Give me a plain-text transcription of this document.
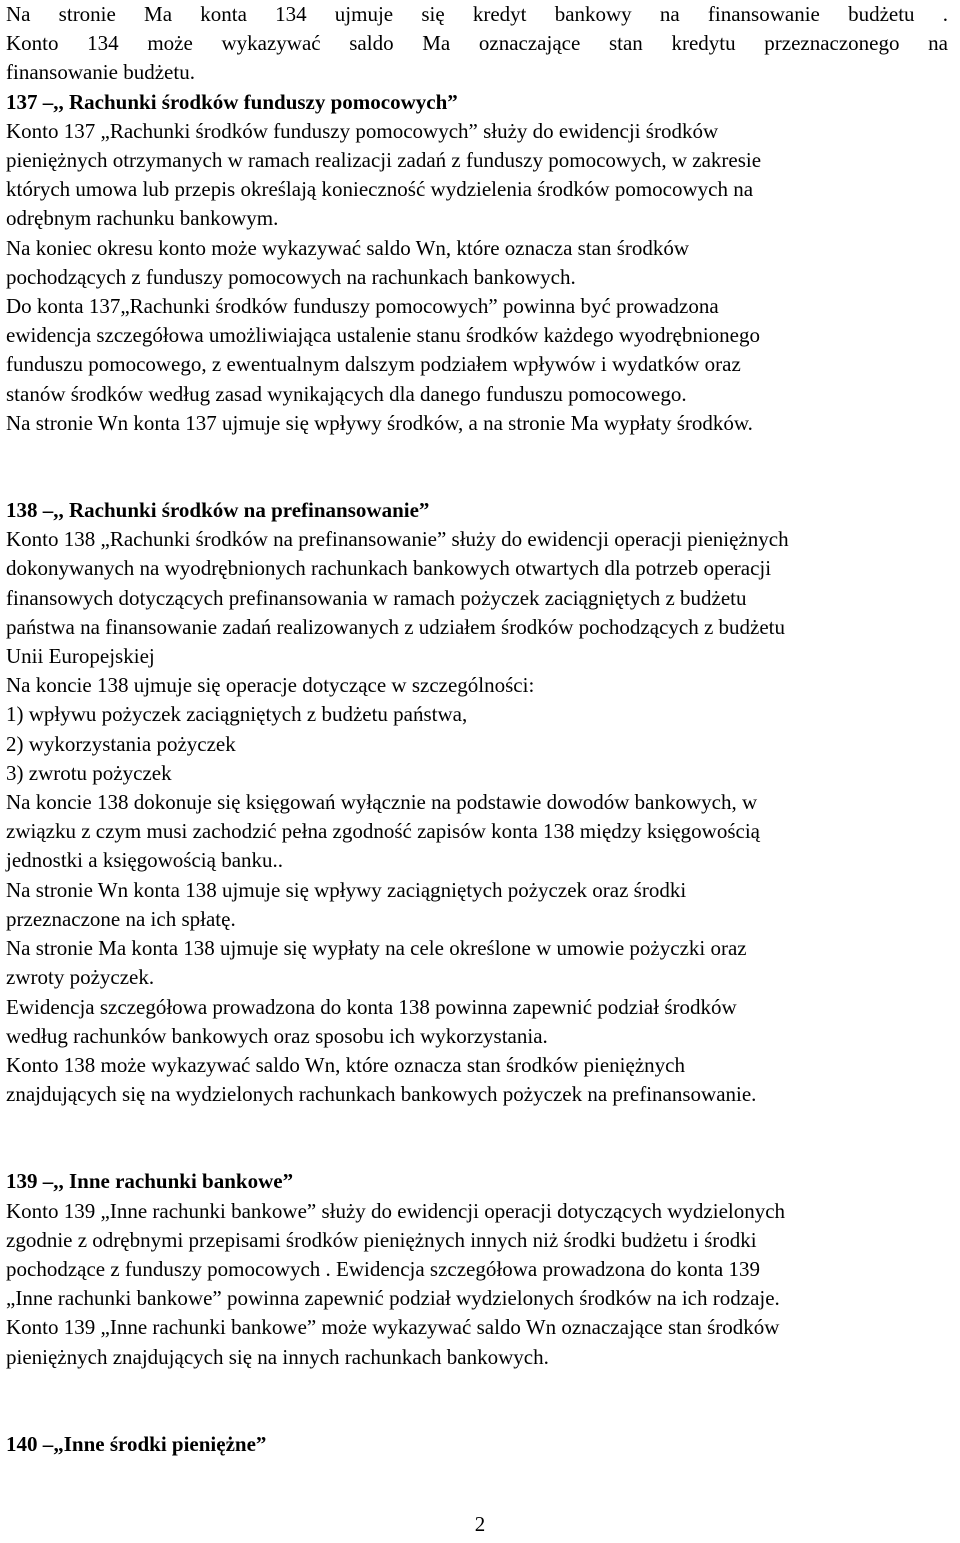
Na stronie Ma konta 134 ujmuje się kredyt bankowy na finansowanie budżetu .
Konto 134 może wykazywać saldo Ma oznaczające stan kredytu przeznaczonego na
finansowanie budżetu.
137 –,, Rachunki środków funduszy pomocowych”
Konto 137 „Rachunki środków funduszy pomocowych” służy do ewidencji środków
pieniężnych otrzymanych w ramach realizacji zadań z funduszy pomocowych, w zakresie
których umowa lub przepis określają konieczność wydzielenia środków pomocowych na
odrębnym rachunku bankowym.
Na koniec okresu konto może wykazywać saldo Wn, które oznacza stan środków
pochodzących z funduszy pomocowych na rachunkach bankowych.
Do konta 137„Rachunki środków funduszy pomocowych” powinna być prowadzona
ewidencja szczegółowa umożliwiająca ustalenie stanu środków każdego wyodrębnionego
funduszu pomocowego, z ewentualnym dalszym podziałem wpływów i wydatków oraz
stanów środków według zasad wynikających dla danego funduszu pomocowego.
Na stronie Wn konta 137 ujmuje się wpływy środków, a na stronie Ma wypłaty środków.
138 –,, Rachunki środków na prefinansowanie”
Konto 138 „Rachunki środków na prefinansowanie” służy do ewidencji operacji pieniężnych
dokonywanych na wyodrębnionych rachunkach bankowych otwartych dla potrzeb operacji
finansowych dotyczących prefinansowania w ramach pożyczek zaciągniętych z budżetu
państwa na finansowanie zadań realizowanych z udziałem środków pochodzących z budżetu
Unii Europejskiej
Na koncie 138 ujmuje się operacje dotyczące w szczególności:
1) wpływu pożyczek zaciągniętych z budżetu państwa,
2) wykorzystania pożyczek
3) zwrotu pożyczek
Na koncie 138 dokonuje się księgowań wyłącznie na podstawie dowodów bankowych, w
związku z czym musi zachodzić pełna zgodność zapisów konta 138 między księgowością
jednostki a księgowością banku..
Na stronie Wn konta 138 ujmuje się wpływy zaciągniętych pożyczek oraz środki
przeznaczone na ich spłatę.
Na stronie Ma konta 138 ujmuje się wypłaty na cele określone w umowie pożyczki oraz
zwroty pożyczek.
Ewidencja szczegółowa prowadzona do konta 138 powinna zapewnić podział środków
według rachunków bankowych oraz sposobu ich wykorzystania.
Konto 138 może wykazywać saldo Wn, które oznacza stan środków pieniężnych
znajdujących się na wydzielonych rachunkach bankowych pożyczek na prefinansowanie.
139 –,, Inne rachunki bankowe”
Konto 139 „Inne rachunki bankowe” służy do ewidencji operacji dotyczących wydzielonych
zgodnie z odrębnymi przepisami środków pieniężnych innych niż środki budżetu i środki
pochodzące z funduszy pomocowych . Ewidencja szczegółowa prowadzona do konta 139
„Inne rachunki bankowe” powinna zapewnić podział wydzielonych środków na ich rodzaje.
Konto 139 „Inne rachunki bankowe” może wykazywać saldo Wn oznaczające stan środków
pieniężnych znajdujących się na innych rachunkach bankowych.
140 –„Inne środki pieniężne”
2
